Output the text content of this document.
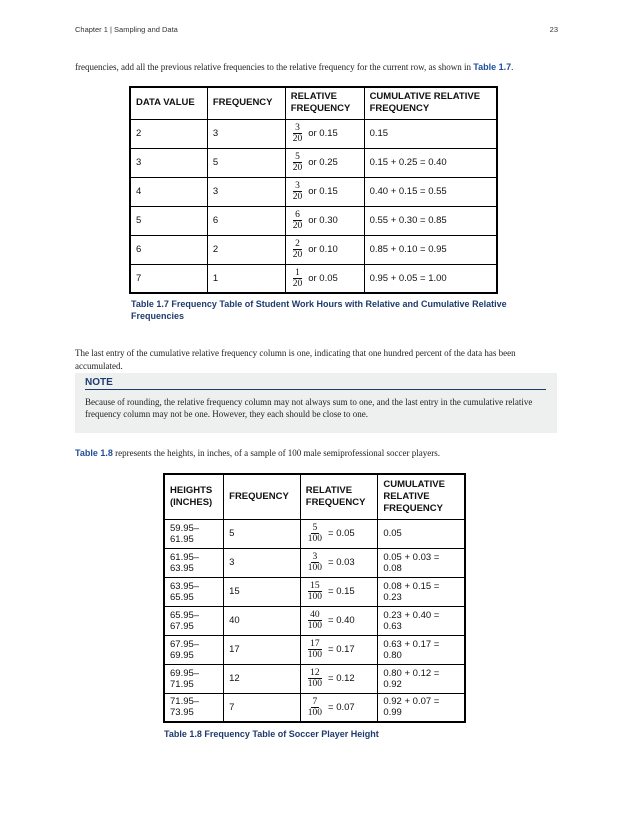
Chapter 1 | Sampling and Data	23

frequencies, add all the previous relative frequencies to the relative frequency for the current row, as shown in Table 1.7.

DATA VALUE	FREQUENCY	RELATIVE FREQUENCY	CUMULATIVE RELATIVE FREQUENCY
2	3	$\frac{3}{20}$ or 0.15	0.15
3	5	$\frac{5}{20}$ or 0.25	0.15 + 0.25 = 0.40
4	3	$\frac{3}{20}$ or 0.15	0.40 + 0.15 = 0.55
5	6	$\frac{6}{20}$ or 0.30	0.55 + 0.30 = 0.85
6	2	$\frac{2}{20}$ or 0.10	0.85 + 0.10 = 0.95
7	1	$\frac{1}{20}$ or 0.05	0.95 + 0.05 = 1.00
Table 1.7 Frequency Table of Student Work Hours with Relative and Cumulative Relative Frequencies

The last entry of the cumulative relative frequency column is one, indicating that one hundred percent of the data has been accumulated.

NOTE
Because of rounding, the relative frequency column may not always sum to one, and the last entry in the cumulative relative frequency column may not be one. However, they each should be close to one.

Table 1.8 represents the heights, in inches, of a sample of 100 male semiprofessional soccer players.

HEIGHTS (INCHES)	FREQUENCY	RELATIVE FREQUENCY	CUMULATIVE RELATIVE FREQUENCY
59.95–61.95	5	$\frac{5}{100} = 0.05$	0.05
61.95–63.95	3	$\frac{3}{100} = 0.03$	0.05 + 0.03 = 0.08
63.95–65.95	15	$\frac{15}{100} = 0.15$	0.08 + 0.15 = 0.23
65.95–67.95	40	$\frac{40}{100} = 0.40$	0.23 + 0.40 = 0.63
67.95–69.95	17	$\frac{17}{100} = 0.17$	0.63 + 0.17 = 0.80
69.95–71.95	12	$\frac{12}{100} = 0.12$	0.80 + 0.12 = 0.92
71.95–73.95	7	$\frac{7}{100} = 0.07$	0.92 + 0.07 = 0.99
Table 1.8 Frequency Table of Soccer Player Height
